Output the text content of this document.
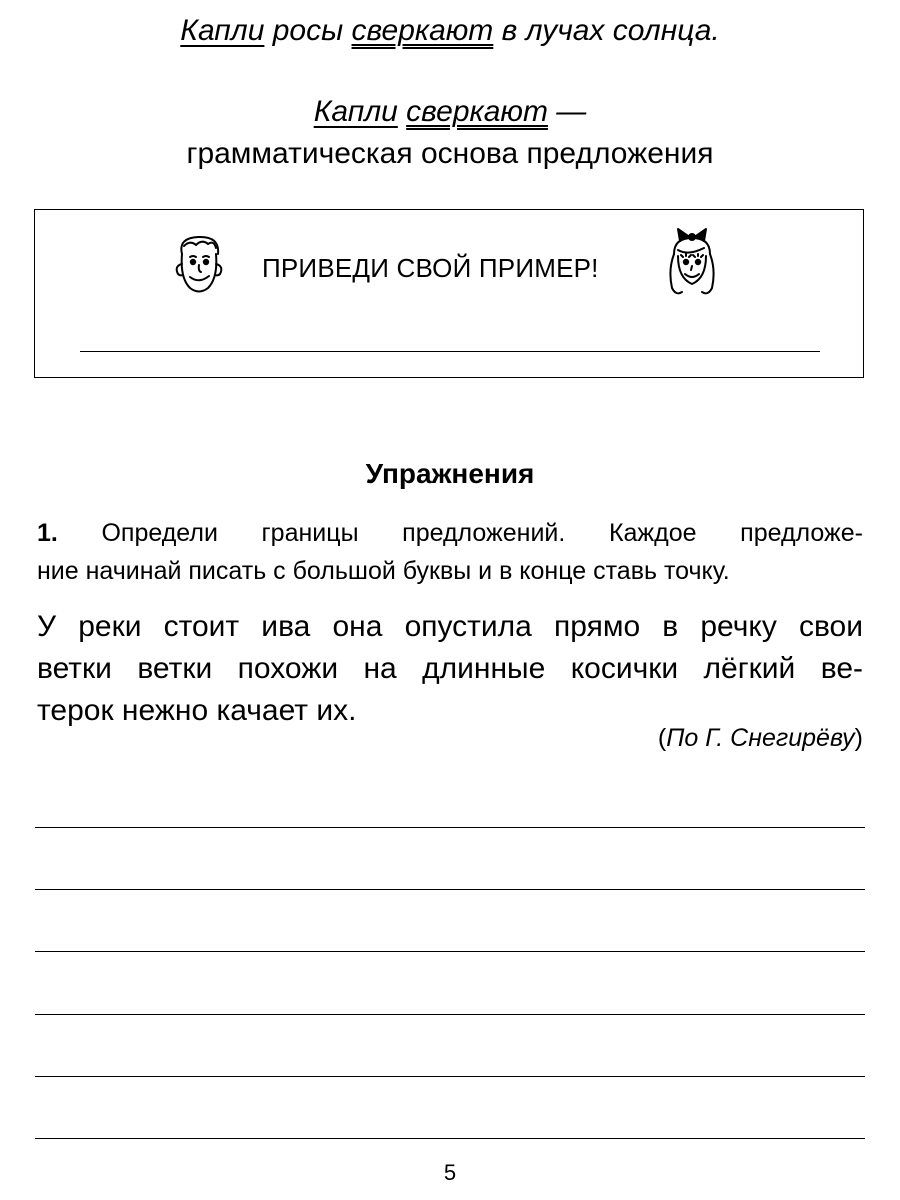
Капли росы сверкают в лучах солнца.
Капли сверкают —
грамматическая основа предложения
ПРИВЕДИ СВОЙ ПРИМЕР!
Упражнения
1. Определи границы предложений. Каждое предложе-
ние начинай писать с большой буквы и в конце ставь точку.
У реки стоит ива она опустила прямо в речку свои
ветки ветки похожи на длинные косички лёгкий ве-
терок нежно качает их.
(По Г. Снегирёву)
5
